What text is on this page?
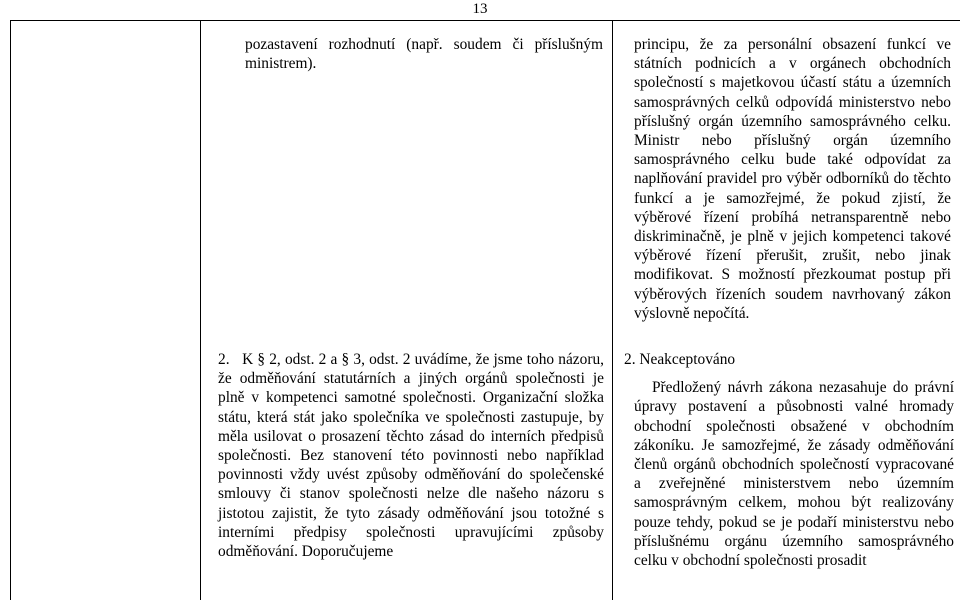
13

pozastavení rozhodnutí (např. soudem či příslušným ministrem).

principu, že za personální obsazení funkcí ve státních podnicích a v orgánech obchodních společností s majetkovou účastí státu a územních samosprávných celků odpovídá ministerstvo nebo příslušný orgán územního samosprávného celku. Ministr nebo příslušný orgán územního samosprávného celku bude také odpovídat za naplňování pravidel pro výběr odborníků do těchto funkcí a je samozřejmé, že pokud zjistí, že výběrové řízení probíhá netransparentně nebo diskriminačně, je plně v jejich kompetenci takové výběrové řízení přerušit, zrušit, nebo jinak modifikovat. S možností přezkoumat postup při výběrových řízeních soudem navrhovaný zákon výslovně nepočítá.

2. K § 2, odst. 2 a § 3, odst. 2 uvádíme, že jsme toho názoru, že odměňování statutárních a jiných orgánů společnosti je plně v kompetenci samotné společnosti. Organizační složka státu, která stát jako společníka ve společnosti zastupuje, by měla usilovat o prosazení těchto zásad do interních předpisů společnosti. Bez stanovení této povinnosti nebo například povinnosti vždy uvést způsoby odměňování do společenské smlouvy či stanov společnosti nelze dle našeho názoru s jistotou zajistit, že tyto zásady odměňování jsou totožné s interními předpisy společnosti upravujícími způsoby odměňování. Doporučujeme

2. Neakceptováno

Předložený návrh zákona nezasahuje do právní úpravy postavení a působnosti valné hromady obchodní společnosti obsažené v obchodním zákoníku. Je samozřejmé, že zásady odměňování členů orgánů obchodních společností vypracované a zveřejněné ministerstvem nebo územním samosprávným celkem, mohou být realizovány pouze tehdy, pokud se je podaří ministerstvu nebo příslušnému orgánu územního samosprávného celku v obchodní společnosti prosadit
